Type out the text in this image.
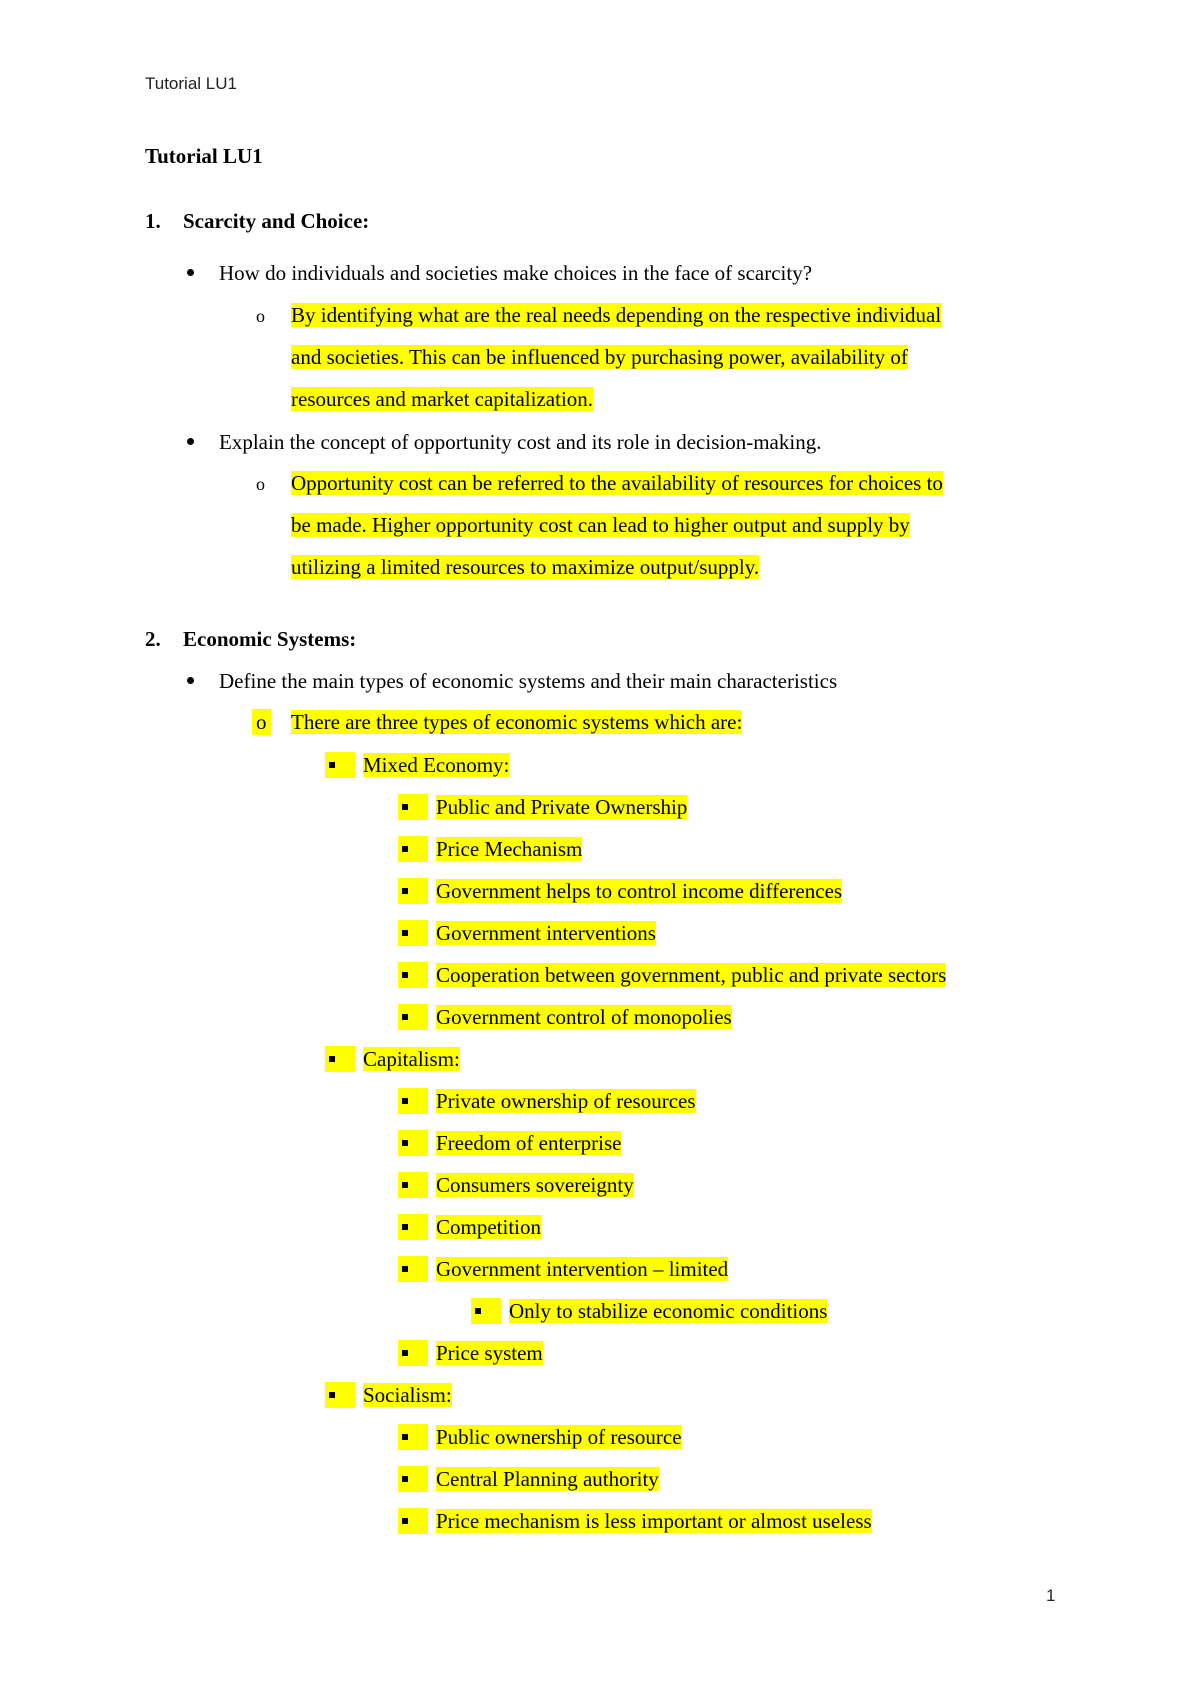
Tutorial LU1
Tutorial LU1
1. Scarcity and Choice:
How do individuals and societies make choices in the face of scarcity?
o By identifying what are the real needs depending on the respective individual
and societies. This can be influenced by purchasing power, availability of
resources and market capitalization.
Explain the concept of opportunity cost and its role in decision-making.
o Opportunity cost can be referred to the availability of resources for choices to
be made. Higher opportunity cost can lead to higher output and supply by
utilizing a limited resources to maximize output/supply.
2. Economic Systems:
Define the main types of economic systems and their main characteristics
o There are three types of economic systems which are:
Mixed Economy:
Public and Private Ownership
Price Mechanism
Government helps to control income differences
Government interventions
Cooperation between government, public and private sectors
Government control of monopolies
Capitalism:
Private ownership of resources
Freedom of enterprise
Consumers sovereignty
Competition
Government intervention – limited
Only to stabilize economic conditions
Price system
Socialism:
Public ownership of resource
Central Planning authority
Price mechanism is less important or almost useless
1
